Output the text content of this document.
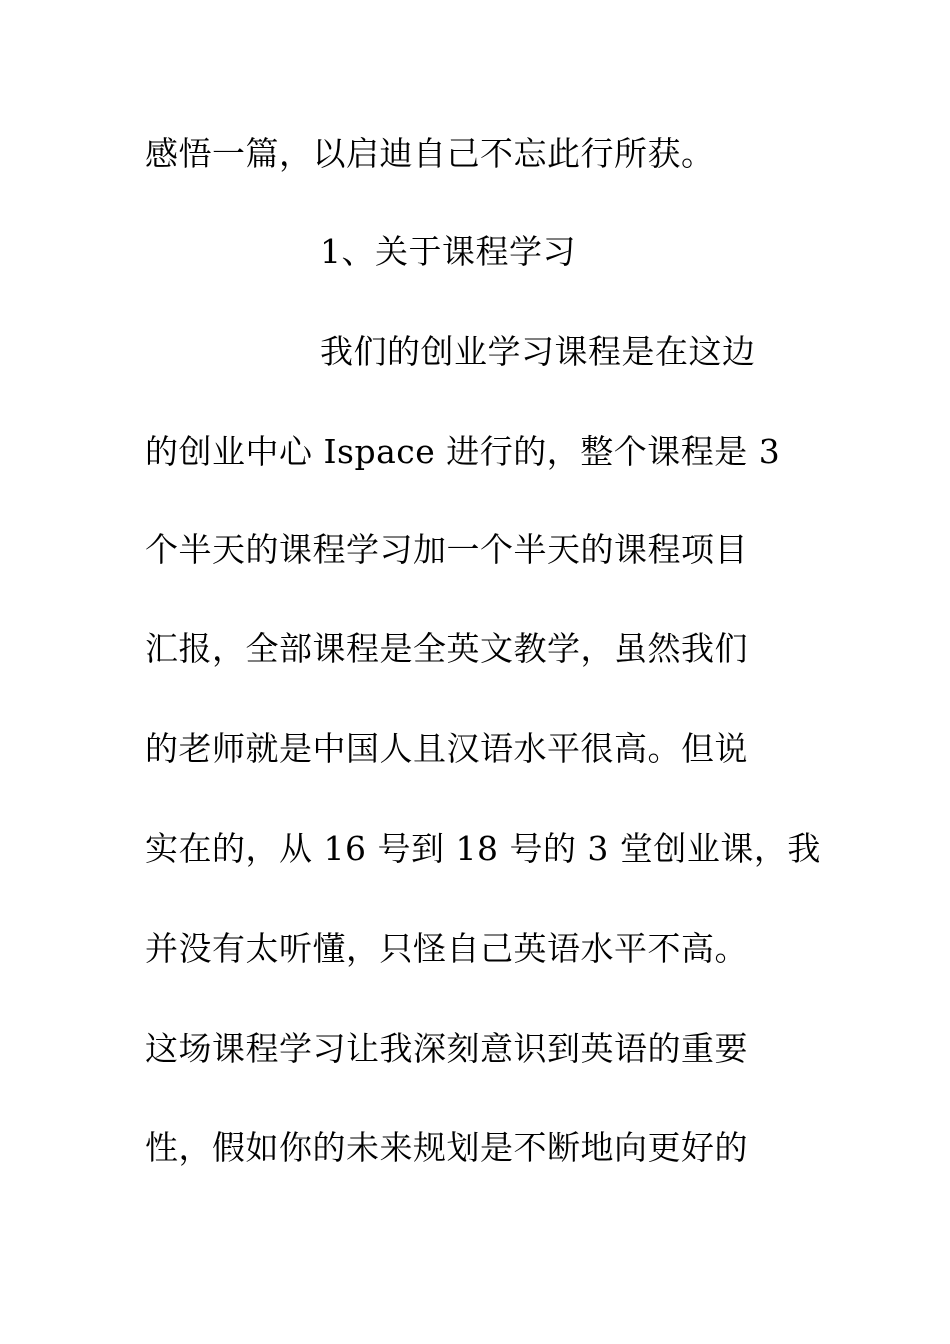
感悟一篇，以启迪自己不忘此行所获。
1、关于课程学习
我们的创业学习课程是在这边
的创业中心 Ispace 进行的，整个课程是 3
个半天的课程学习加一个半天的课程项目
汇报，全部课程是全英文教学，虽然我们
的老师就是中国人且汉语水平很高。但说
实在的，从 16 号到 18 号的 3 堂创业课，我
并没有太听懂，只怪自己英语水平不高。
这场课程学习让我深刻意识到英语的重要
性，假如你的未来规划是不断地向更好的
